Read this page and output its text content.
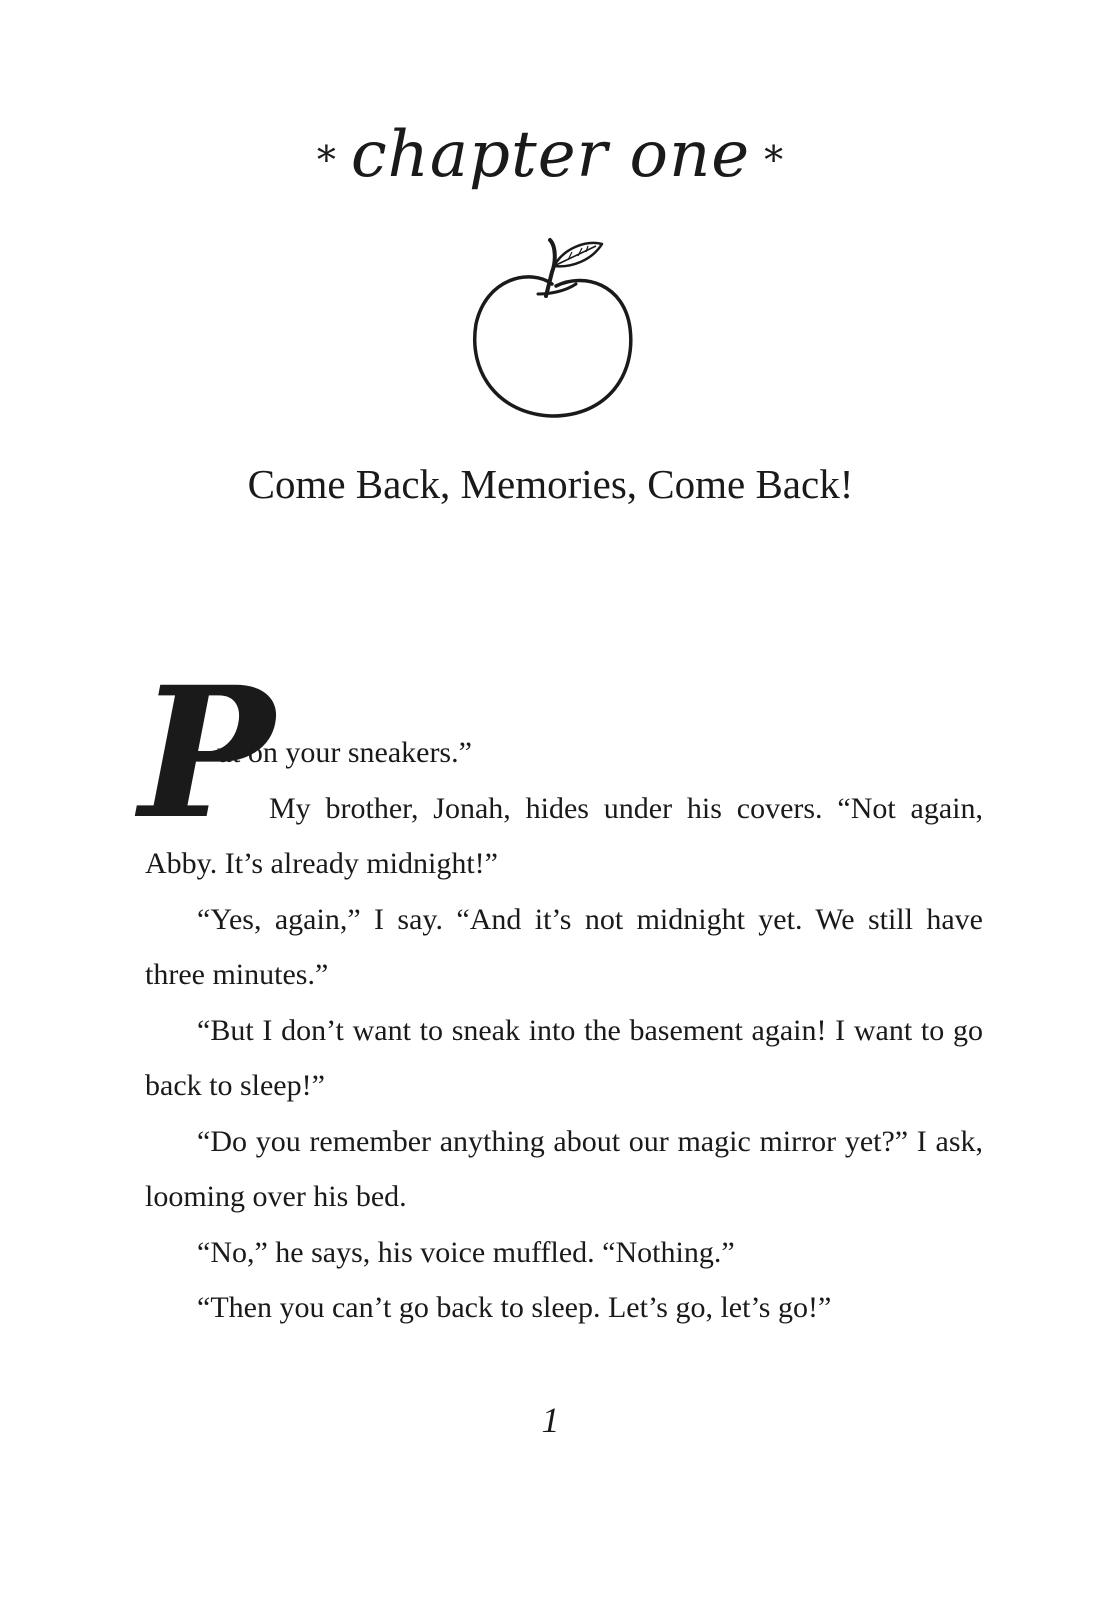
* chapter one *
Come Back, Memories, Come Back!
P

ut on your sneakers.”

My brother, Jonah, hides under his covers. “Not again, Abby. It’s already midnight!”

“Yes, again,” I say. “And it’s not midnight yet. We still have three minutes.”

“But I don’t want to sneak into the basement again! I want to go back to sleep!”

“Do you remember anything about our magic mirror yet?” I ask, looming over his bed.

“No,” he says, his voice muffled. “Nothing.”

“Then you can’t go back to sleep. Let’s go, let’s go!”

1
